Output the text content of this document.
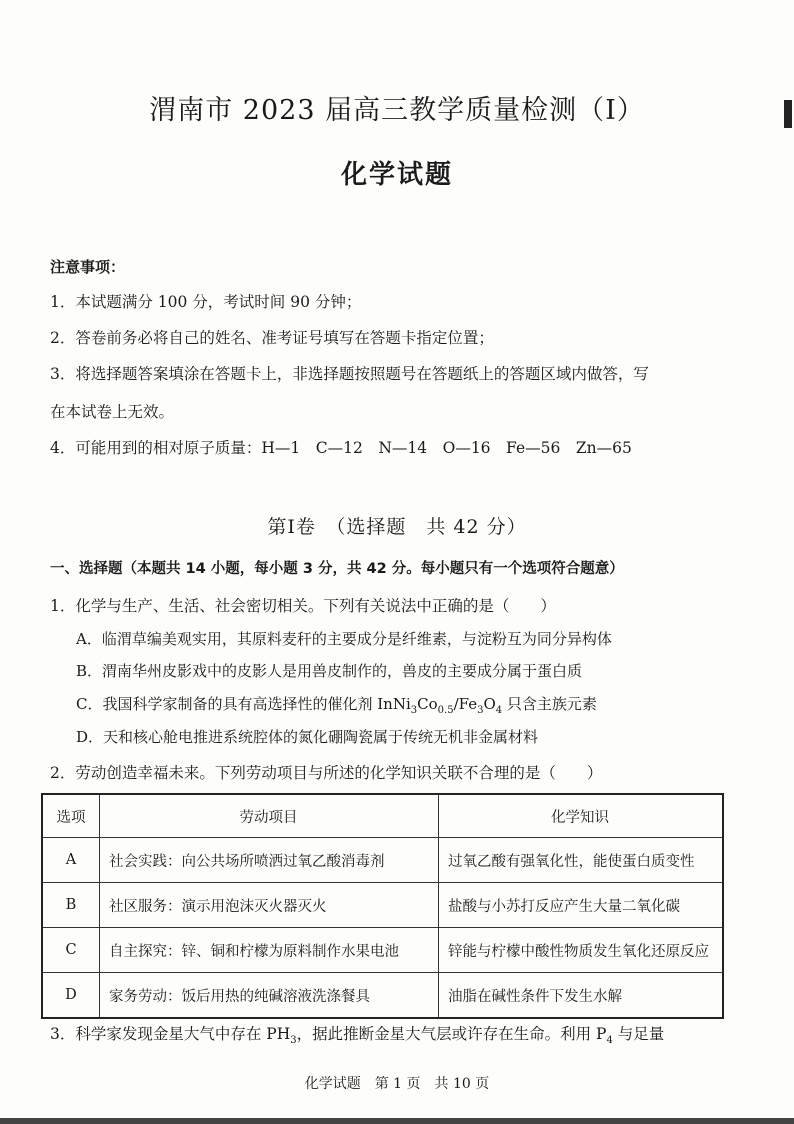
渭南市 2023 届高三教学质量检测（Ⅰ）
化学试题
注意事项：
1．本试题满分 100 分，考试时间 90 分钟；
2．答卷前务必将自己的姓名、准考证号填写在答题卡指定位置；
3．将选择题答案填涂在答题卡上，非选择题按照题号在答题纸上的答题区域内做答，写
在本试卷上无效。
4．可能用到的相对原子质量：H—1　C—12　N—14　O—16　Fe—56　Zn—65
第Ⅰ卷　（选择题　共 42 分）
一、选择题（本题共 14 小题，每小题 3 分，共 42 分。每小题只有一个选项符合题意）
1．化学与生产、生活、社会密切相关。下列有关说法中正确的是（　　）
A．临渭草编美观实用，其原料麦秆的主要成分是纤维素，与淀粉互为同分异构体
B．渭南华州皮影戏中的皮影人是用兽皮制作的，兽皮的主要成分属于蛋白质
C．我国科学家制备的具有高选择性的催化剂 $InNi_3Co_{0.5}/Fe_3O_4$ 只含主族元素
D．天和核心舱电推进系统腔体的氮化硼陶瓷属于传统无机非金属材料
2．劳动创造幸福未来。下列劳动项目与所述的化学知识关联不合理的是（　　）
选项	劳动项目	化学知识
A	社会实践：向公共场所喷洒过氧乙酸消毒剂	过氧乙酸有强氧化性，能使蛋白质变性
B	社区服务：演示用泡沫灭火器灭火	盐酸与小苏打反应产生大量二氧化碳
C	自主探究：锌、铜和柠檬为原料制作水果电池	锌能与柠檬中酸性物质发生氧化还原反应
D	家务劳动：饭后用热的纯碱溶液洗涤餐具	油脂在碱性条件下发生水解
3．科学家发现金星大气中存在 $PH_3$，据此推断金星大气层或许存在生命。利用 $P_4$ 与足量
化学试题　第 1 页　共 10 页
